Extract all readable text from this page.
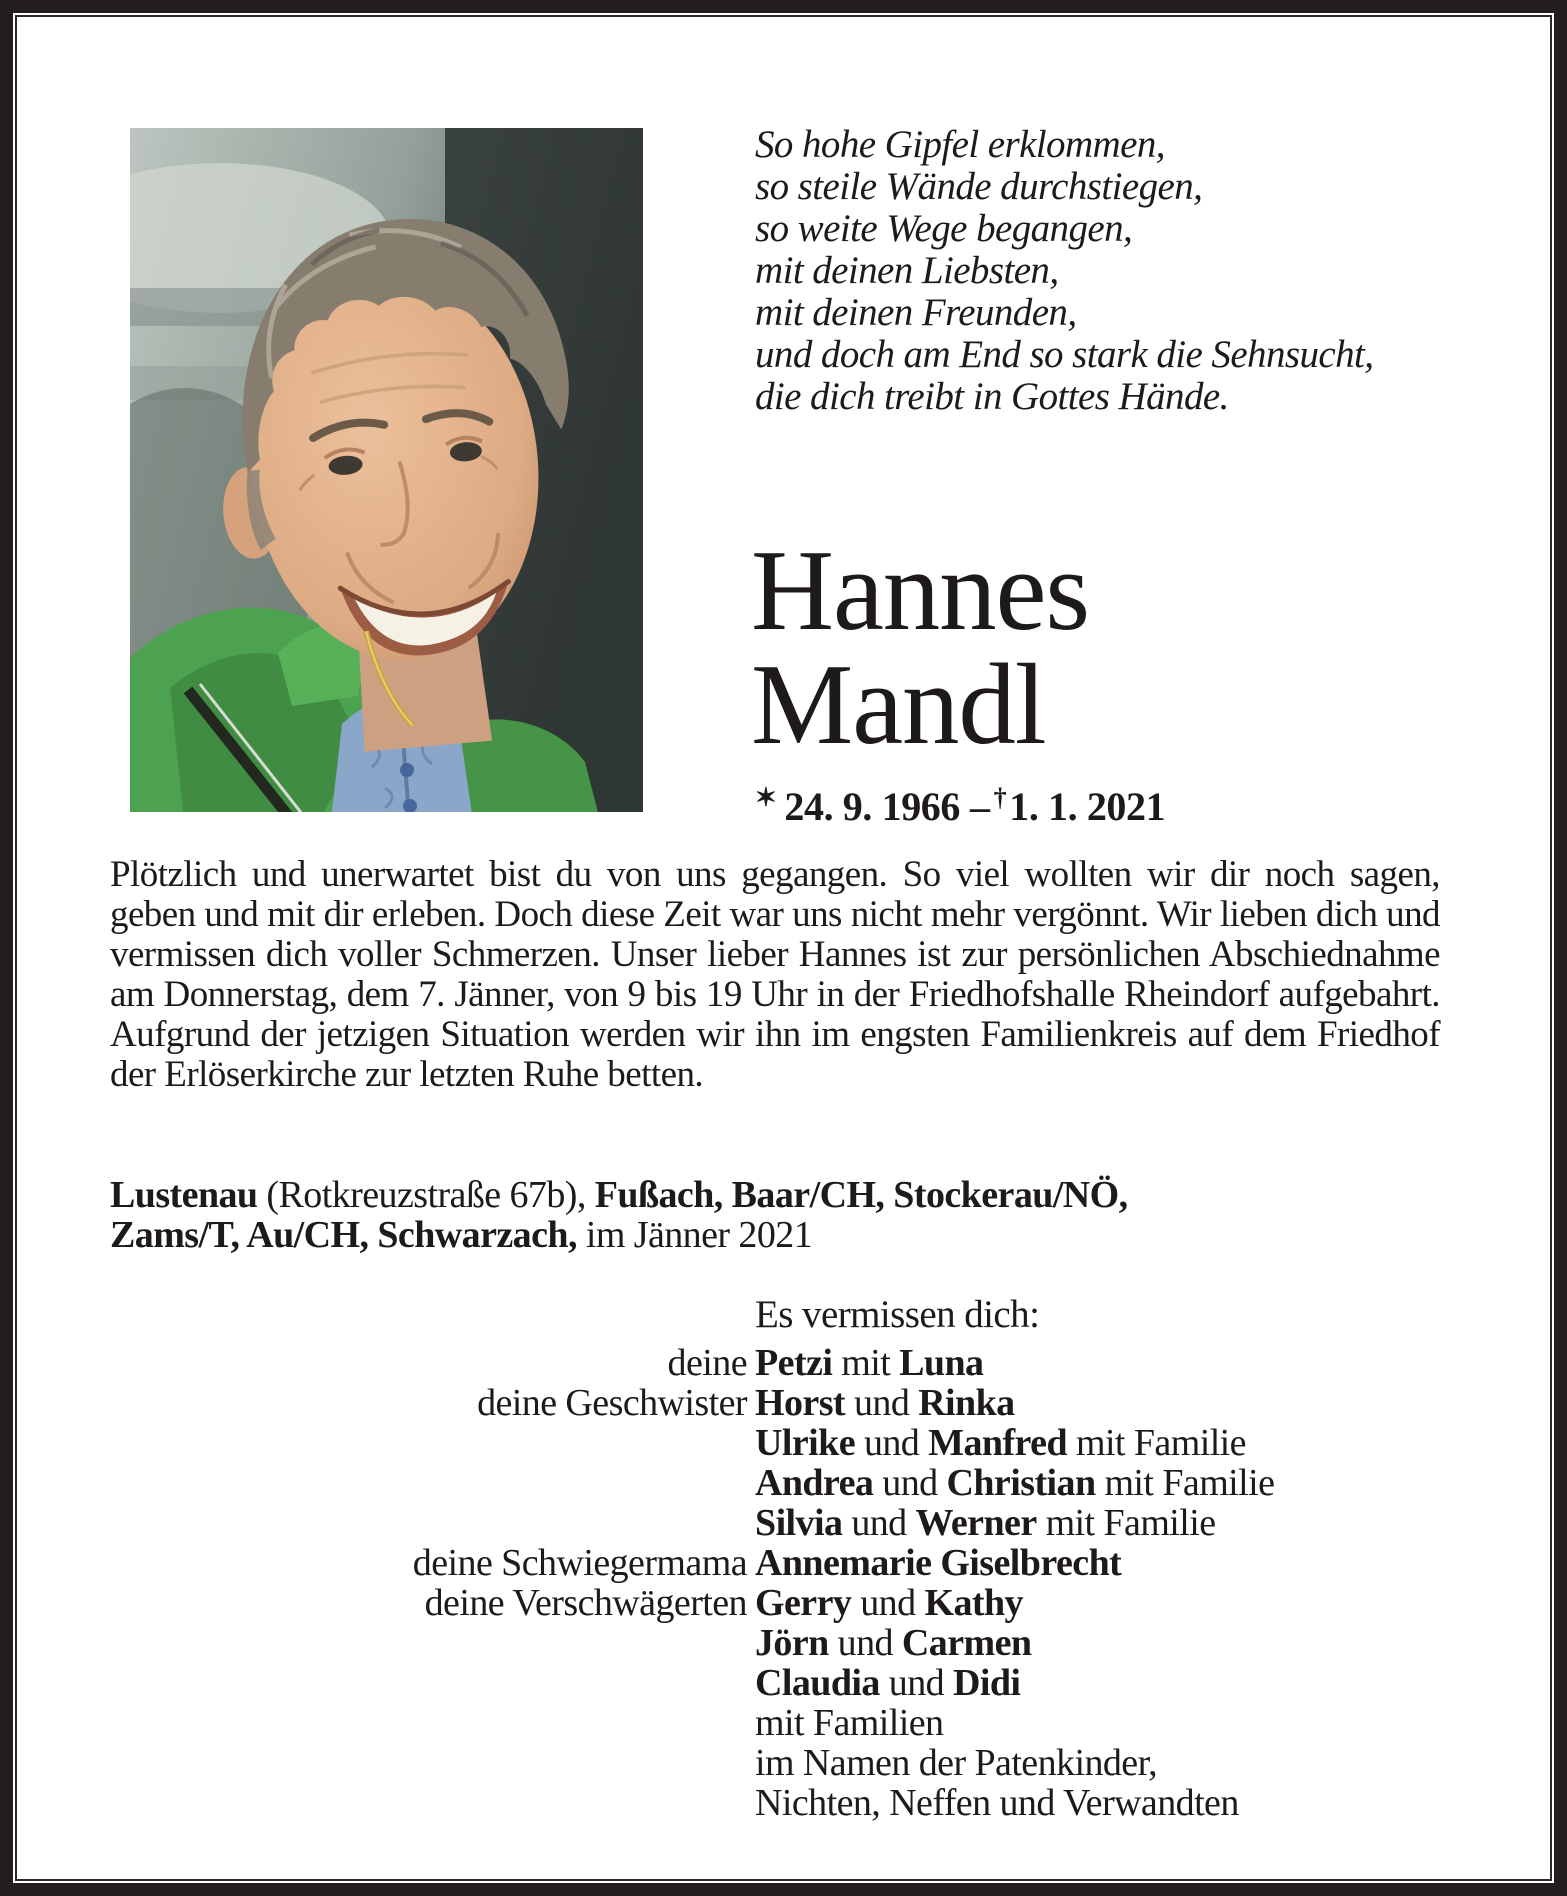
So hohe Gipfel erklommen,
so steile Wände durchstiegen,
so weite Wege begangen,
mit deinen Liebsten,
mit deinen Freunden,
und doch am End so stark die Sehnsucht,
die dich treibt in Gottes Hände.
Hannes
Mandl
✶ 24. 9. 1966 – †1. 1. 2021

Plötzlich und unerwartet bist du von uns gegangen. So viel wollten wir dir noch sagen, geben und mit dir erleben. Doch diese Zeit war uns nicht mehr vergönnt. Wir lieben dich und vermissen dich voller Schmerzen. Unser lieber Hannes ist zur persönlichen Abschiednahme am Donnerstag, dem 7. Jänner, von 9 bis 19 Uhr in der Friedhofshalle Rheindorf aufgebahrt. Aufgrund der jetzigen Situation werden wir ihn im engsten Familienkreis auf dem Friedhof der Erlöserkirche zur letzten Ruhe betten.

Lustenau (Rotkreuzstraße 67b), Fußach, Baar/CH, Stockerau/NÖ,
Zams/T, Au/CH, Schwarzach, im Jänner 2021

Es vermissen dich:
deine Petzi mit Luna
deine Geschwister Horst und Rinka
Ulrike und Manfred mit Familie
Andrea und Christian mit Familie
Silvia und Werner mit Familie
deine Schwiegermama Annemarie Giselbrecht
deine Verschwägerten Gerry und Kathy
Jörn und Carmen
Claudia und Didi
mit Familien
im Namen der Patenkinder,
Nichten, Neffen und Verwandten
